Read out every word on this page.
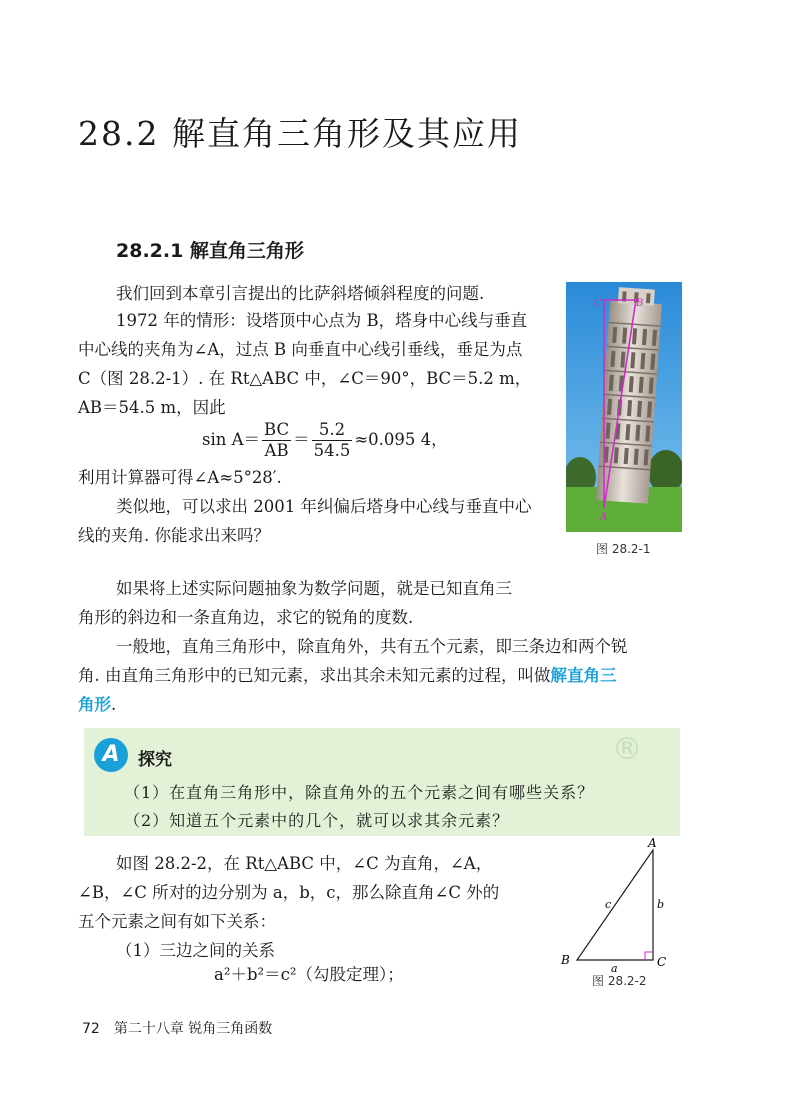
28.2 解直角三角形及其应用
28.2.1 解直角三角形
我们回到本章引言提出的比萨斜塔倾斜程度的问题.
1972 年的情形：设塔顶中心点为 B，塔身中心线与垂直
中心线的夹角为∠A，过点 B 向垂直中心线引垂线，垂足为点
C（图 28.2-1）. 在 Rt△ABC 中，∠C＝90°，BC＝5.2 m，
AB＝54.5 m，因此
$\sin A= \frac{BC}{AB} = \frac{5.2}{54.5} \approx 0.095$ 4，
利用计算器可得∠A≈5°28′.
类似地，可以求出 2001 年纠偏后塔身中心线与垂直中心
线的夹角. 你能求出来吗？
C	B
A
图 28.2-1
如果将上述实际问题抽象为数学问题，就是已知直角三
角形的斜边和一条直角边，求它的锐角的度数.
一般地，直角三角形中，除直角外，共有五个元素，即三条边和两个锐
角. 由直角三角形中的已知元素，求出其余未知元素的过程，叫做解直角三
角形.
A	探究
（1）在直角三角形中，除直角外的五个元素之间有哪些关系？
（2）知道五个元素中的几个，就可以求其余元素？
®
如图 28.2-2，在 Rt△ABC 中，∠C 为直角，∠A，
∠B，∠C 所对的边分别为 a，b，c，那么除直角∠C 外的
五个元素之间有如下关系：
（1）三边之间的关系
a²＋b²＝c²（勾股定理）；
A
B	C
a
b
c
图 28.2-2
72 第二十八章 锐角三角函数
